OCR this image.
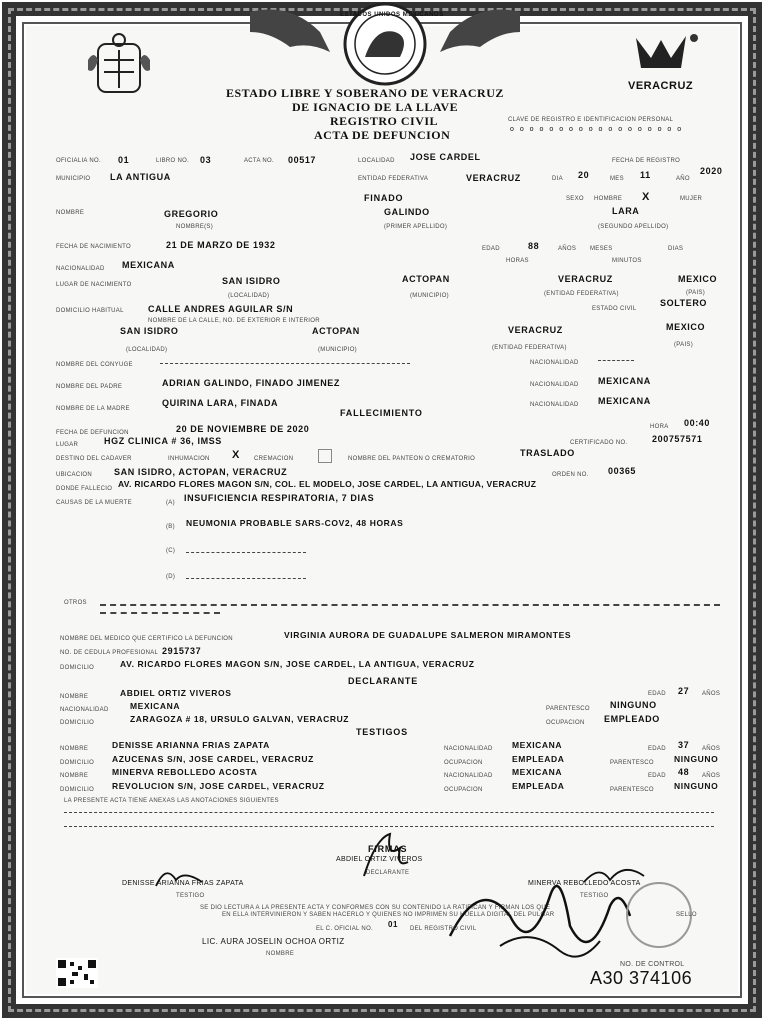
ESTADOS UNIDOS MEXICANOS
ESTADO LIBRE Y SOBERANO DE VERACRUZ
DE IGNACIO DE LA LLAVE
REGISTRO CIVIL
ACTA DE DEFUNCION
VERACRUZ
CLAVE DE REGISTRO E IDENTIFICACION PERSONAL
o o o o o o o o o o o o o o o o o o
OFICIALIA NO. 01	LIBRO NO. 03	ACTA NO. 00517	LOCALIDAD JOSE CARDEL	FECHA DE REGISTRO
MUNICIPIO LA ANTIGUA	ENTIDAD FEDERATIVA	VERACRUZ	DIA 20	MES 11	AÑO
2020
FINADO	SEXO HOMBRE X	MUJER
NOMBRE	GREGORIO
NOMBRE(S)
GALINDO
(PRIMER APELLIDO)
LARA
(SEGUNDO APELLIDO)
FECHA DE NACIMIENTO	21 DE MARZO DE 1932	EDAD	88	AÑOS MESES	DIAS
HORAS	MINUTOS
NACIONALIDAD MEXICANA
LUGAR DE NACIMIENTO	SAN ISIDRO	ACTOPAN	VERACRUZ	MEXICO
(LOCALIDAD)	(MUNICIPIO)	(ENTIDAD FEDERATIVA)	(PAIS)
DOMICILIO HABITUAL	CALLE ANDRES AGUILAR S/N
NOMBRE DE LA CALLE, NO. DE EXTERIOR E INTERIOR
ESTADO CIVIL
SOLTERO
SAN ISIDRO	ACTOPAN	VERACRUZ	MEXICO
(LOCALIDAD)	(MUNICIPIO)	(ENTIDAD FEDERATIVA)	(PAIS)
NOMBRE DEL CONYUGE	NACIONALIDAD
NOMBRE DEL PADRE	ADRIAN GALINDO, FINADO JIMENEZ	NACIONALIDAD MEXICANA
NOMBRE DE LA MADRE
QUIRINA LARA, FINADA	NACIONALIDAD MEXICANA
FALLECIMIENTO
FECHA DE DEFUNCION	20 DE NOVIEMBRE DE 2020	HORA 00:40
LUGAR	HGZ CLINICA # 36, IMSS	CERTIFICADO NO.	200757571
DESTINO DEL CADAVER	INHUMACION X CREMACION	NOMBRE DEL PANTEON O CREMATORIO
TRASLADO
UBICACION SAN ISIDRO, ACTOPAN, VERACRUZ	ORDEN NO. 00365
DONDE FALLECIO AV. RICARDO FLORES MAGON S/N, COL. EL MODELO, JOSE CARDEL, LA ANTIGUA, VERACRUZ
CAUSAS DE LA MUERTE	(A) INSUFICIENCIA RESPIRATORIA, 7 DIAS
(B) NEUMONIA PROBABLE SARS-COV2, 48 HORAS
(C)
(D)
OTROS
NOMBRE DEL MEDICO QUE CERTIFICO LA DEFUNCION	VIRGINIA AURORA DE GUADALUPE SALMERON MIRAMONTES
NO. DE CEDULA PROFESIONAL 2915737
DOMICILIO	AV. RICARDO FLORES MAGON S/N, JOSE CARDEL, LA ANTIGUA, VERACRUZ
DECLARANTE
NOMBRE	ABDIEL ORTIZ VIVEROS	EDAD 27 AÑOS
NACIONALIDAD	MEXICANA	PARENTESCO NINGUNO
DOMICILIO	ZARAGOZA # 18, URSULO GALVAN, VERACRUZ	OCUPACION EMPLEADO
TESTIGOS
NOMBRE	DENISSE ARIANNA FRIAS ZAPATA	NACIONALIDAD MEXICANA	EDAD 37 AÑOS
DOMICILIO AZUCENAS S/N, JOSE CARDEL, VERACRUZ	OCUPACION	EMPLEADA	PARENTESCO NINGUNO
NOMBRE	MINERVA REBOLLEDO ACOSTA	NACIONALIDAD MEXICANA	EDAD 48 AÑOS
DOMICILIO REVOLUCION S/N, JOSE CARDEL, VERACRUZ	OCUPACION	EMPLEADA	PARENTESCO NINGUNO
LA PRESENTE ACTA TIENE ANEXAS LAS ANOTACIONES SIGUIENTES
FIRMAS
ABDIEL ORTIZ VIVEROS
DECLARANTE
DENISSE ARIANNA FRIAS ZAPATA
TESTIGO
MINERVA REBOLLEDO ACOSTA
TESTIGO
SE DIO LECTURA A LA PRESENTE ACTA Y CONFORMES CON SU CONTENIDO LA RATIFICAN Y FIRMAN LOS QUE
EN ELLA INTERVINIERON Y SABEN HACERLO Y QUIENES NO IMPRIMEN SU HUELLA DIGITAL DEL PULGAR	SELLO
EL C. OFICIAL NO. 01 DEL REGISTRO CIVIL
LIC. AURA JOSELIN OCHOA ORTIZ
NOMBRE
NO. DE CONTROL
A30 374106
